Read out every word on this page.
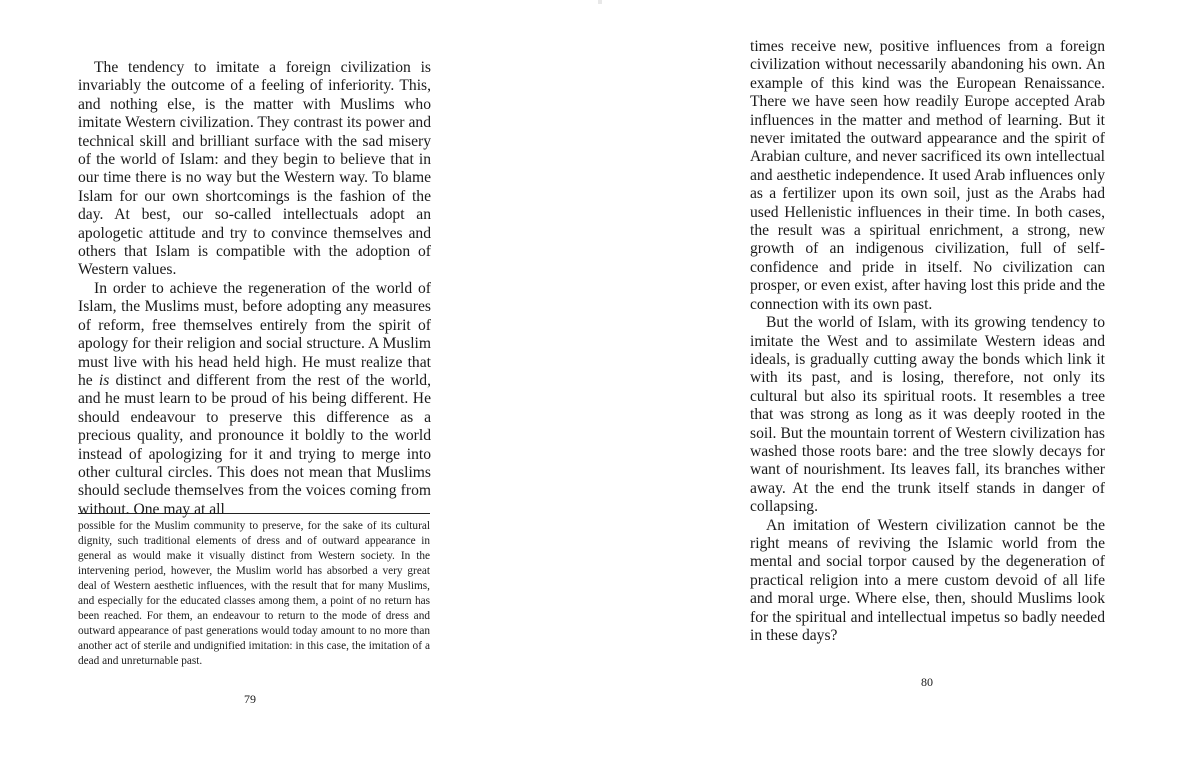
The tendency to imitate a foreign civilization is invariably the outcome of a feeling of inferiority. This, and nothing else, is the matter with Muslims who imitate Western civilization. They contrast its power and technical skill and brilliant surface with the sad misery of the world of Islam: and they begin to believe that in our time there is no way but the Western way. To blame Islam for our own shortcomings is the fashion of the day. At best, our so-called intellectuals adopt an apologetic attitude and try to convince themselves and others that Islam is compatible with the adoption of Western values.

In order to achieve the regeneration of the world of Islam, the Muslims must, before adopting any measures of reform, free themselves entirely from the spirit of apology for their religion and social structure. A Muslim must live with his head held high. He must realize that he is distinct and different from the rest of the world, and he must learn to be proud of his being different. He should endeavour to preserve this difference as a precious quality, and pronounce it boldly to the world instead of apologizing for it and trying to merge into other cultural circles. This does not mean that Muslims should seclude themselves from the voices coming from without. One may at all

possible for the Muslim community to preserve, for the sake of its cultural dignity, such traditional elements of dress and of outward appearance in general as would make it visually distinct from Western society. In the intervening period, however, the Muslim world has absorbed a very great deal of Western aesthetic influences, with the result that for many Muslims, and especially for the educated classes among them, a point of no return has been reached. For them, an endeavour to return to the mode of dress and outward appearance of past generations would today amount to no more than another act of sterile and undignified imitation: in this case, the imitation of a dead and unreturnable past.

79

times receive new, positive influences from a foreign civilization without necessarily abandoning his own. An example of this kind was the European Renaissance. There we have seen how readily Europe accepted Arab influences in the matter and method of learning. But it never imitated the outward appearance and the spirit of Arabian culture, and never sacrificed its own intellectual and aesthetic independence. It used Arab influences only as a fertilizer upon its own soil, just as the Arabs had used Hellenistic influences in their time. In both cases, the result was a spiritual enrichment, a strong, new growth of an indigenous civilization, full of self-confidence and pride in itself. No civilization can prosper, or even exist, after having lost this pride and the connection with its own past.

But the world of Islam, with its growing tendency to imitate the West and to assimilate Western ideas and ideals, is gradually cutting away the bonds which link it with its past, and is losing, therefore, not only its cultural but also its spiritual roots. It resembles a tree that was strong as long as it was deeply rooted in the soil. But the mountain torrent of Western civilization has washed those roots bare: and the tree slowly decays for want of nourishment. Its leaves fall, its branches wither away. At the end the trunk itself stands in danger of collapsing.

An imitation of Western civilization cannot be the right means of reviving the Islamic world from the mental and social torpor caused by the degeneration of practical religion into a mere custom devoid of all life and moral urge. Where else, then, should Muslims look for the spiritual and intellectual impetus so badly needed in these days?

80
